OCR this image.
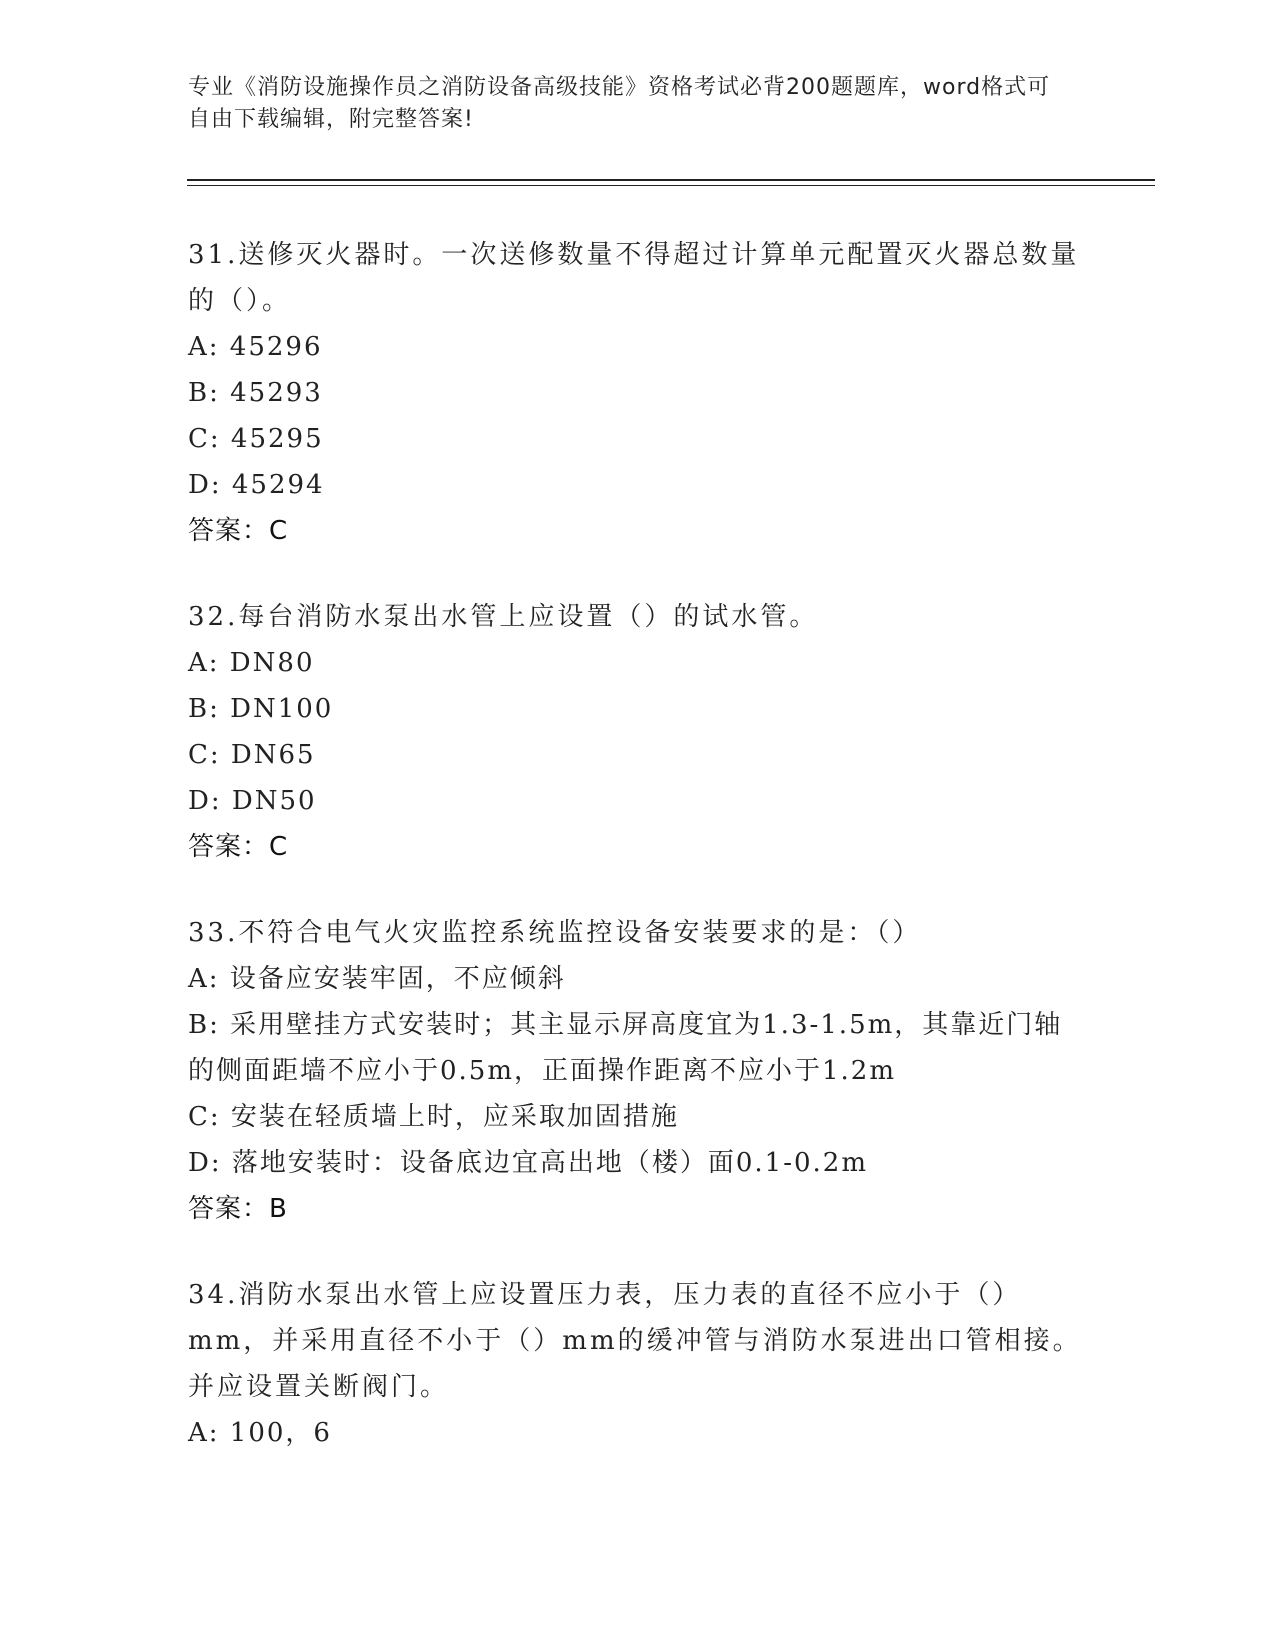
专业《消防设施操作员之消防设备高级技能》资格考试必背200题题库，word格式可自由下载编辑，附完整答案!
31.送修灭火器时。一次送修数量不得超过计算单元配置灭火器总数量的（）。
A: 45296
B: 45293
C: 45295
D: 45294
答案：C
32.每台消防水泵出水管上应设置（）的试水管。
A: DN80
B: DN100
C: DN65
D: DN50
答案：C
33.不符合电气火灾监控系统监控设备安装要求的是：（）
A: 设备应安装牢固，不应倾斜
B: 采用壁挂方式安装时；其主显示屏高度宜为1.3-1.5m，其靠近门轴的侧面距墙不应小于0.5m，正面操作距离不应小于1.2m
C: 安装在轻质墙上时，应采取加固措施
D: 落地安装时：设备底边宜高出地（楼）面0.1-0.2m
答案：B
34.消防水泵出水管上应设置压力表，压力表的直径不应小于（）mm，并采用直径不小于（）mm的缓冲管与消防水泵进出口管相接。并应设置关断阀门。
A: 100，6
